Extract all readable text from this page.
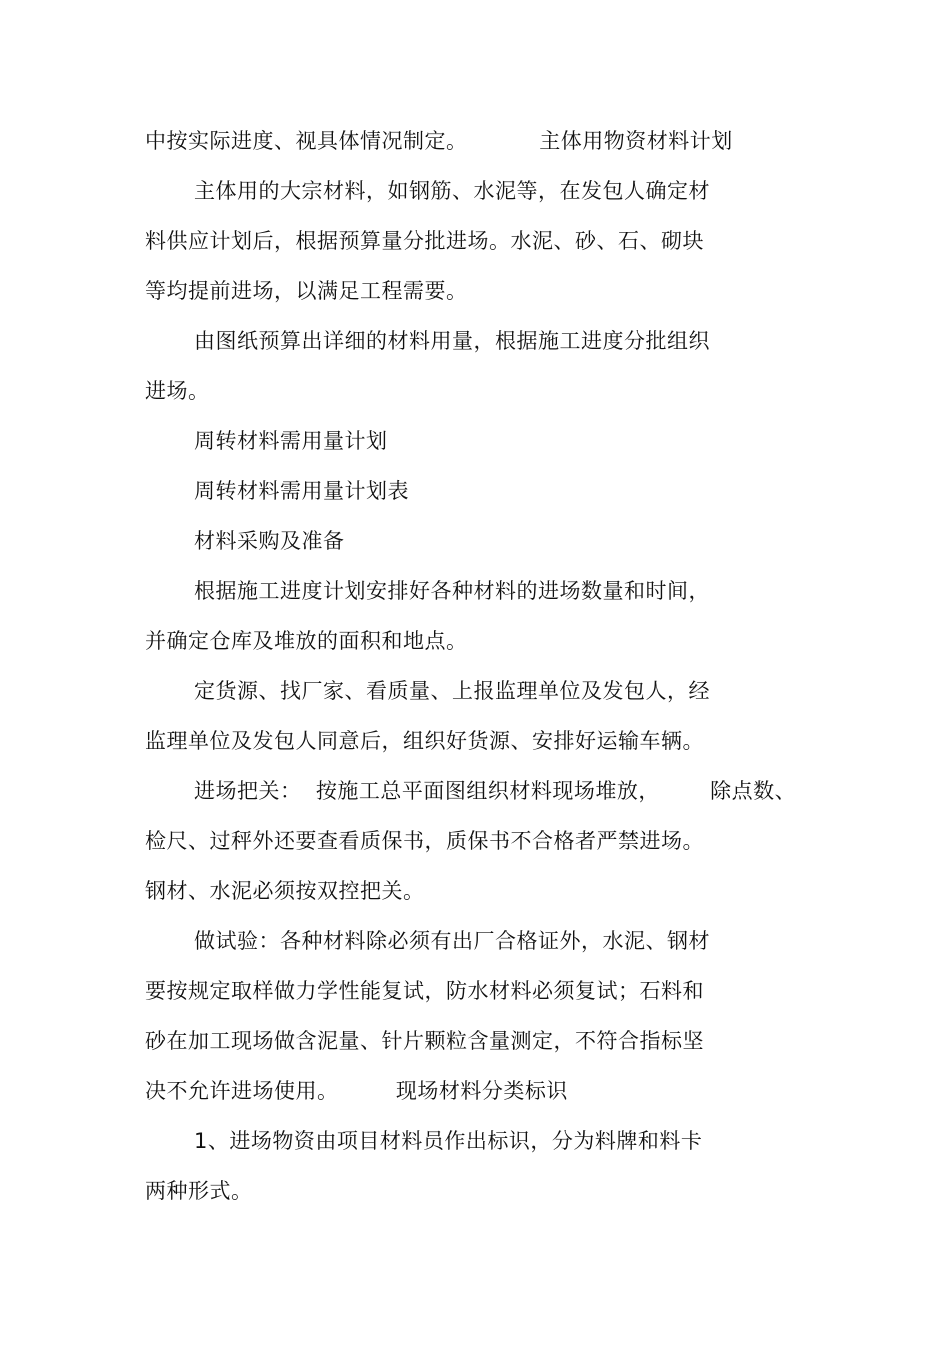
中按实际进度、视具体情况制定。          主体用物资材料计划

主体用的大宗材料，如钢筋、水泥等，在发包人确定材

料供应计划后，根据预算量分批进场。水泥、砂、石、砌块

等均提前进场，以满足工程需要。

由图纸预算出详细的材料用量，根据施工进度分批组织

进场。

周转材料需用量计划

周转材料需用量计划表

材料采购及准备

根据施工进度计划安排好各种材料的进场数量和时间，

并确定仓库及堆放的面积和地点。

定货源、找厂家、看质量、上报监理单位及发包人，经

监理单位及发包人同意后，组织好货源、安排好运输车辆。

进场把关：  按施工总平面图组织材料现场堆放，       除点数、

检尺、过秤外还要查看质保书，质保书不合格者严禁进场。

钢材、水泥必须按双控把关。

做试验：各种材料除必须有出厂合格证外，水泥、钢材

要按规定取样做力学性能复试，防水材料必须复试；石料和

砂在加工现场做含泥量、针片颗粒含量测定，不符合指标坚

决不允许进场使用。        现场材料分类标识

1、进场物资由项目材料员作出标识，分为料牌和料卡

两种形式。
